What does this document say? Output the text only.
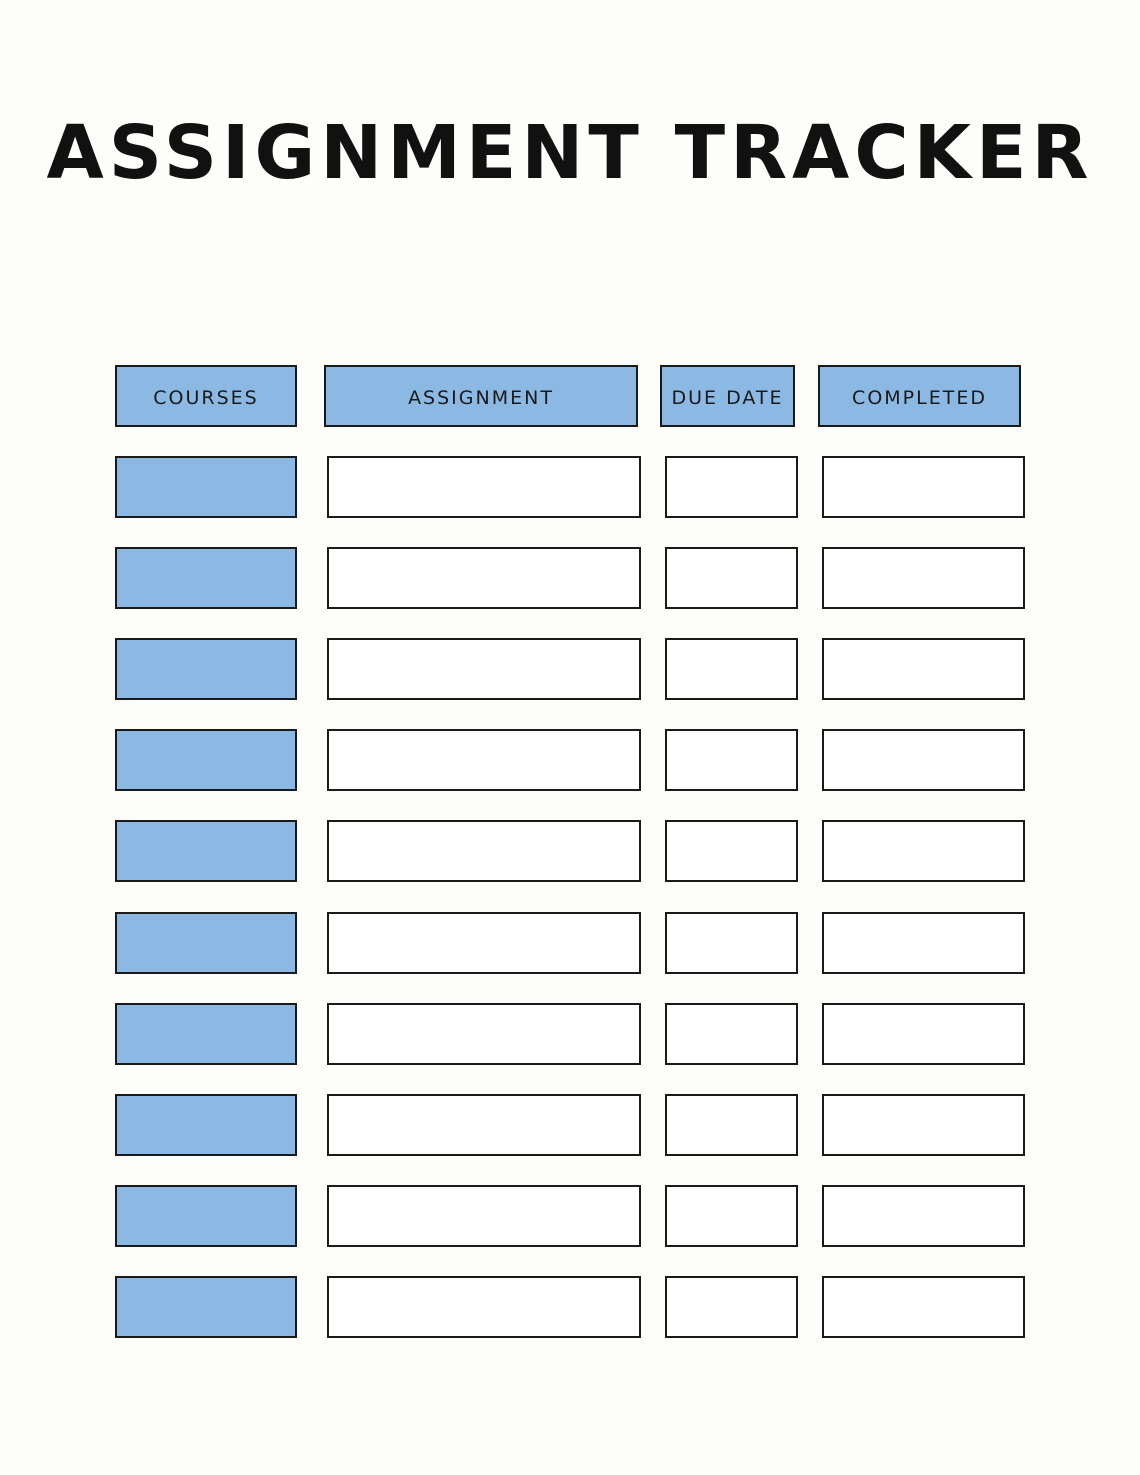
ASSIGNMENT TRACKER
COURSES	ASSIGNMENT	DUE DATE	COMPLETED
